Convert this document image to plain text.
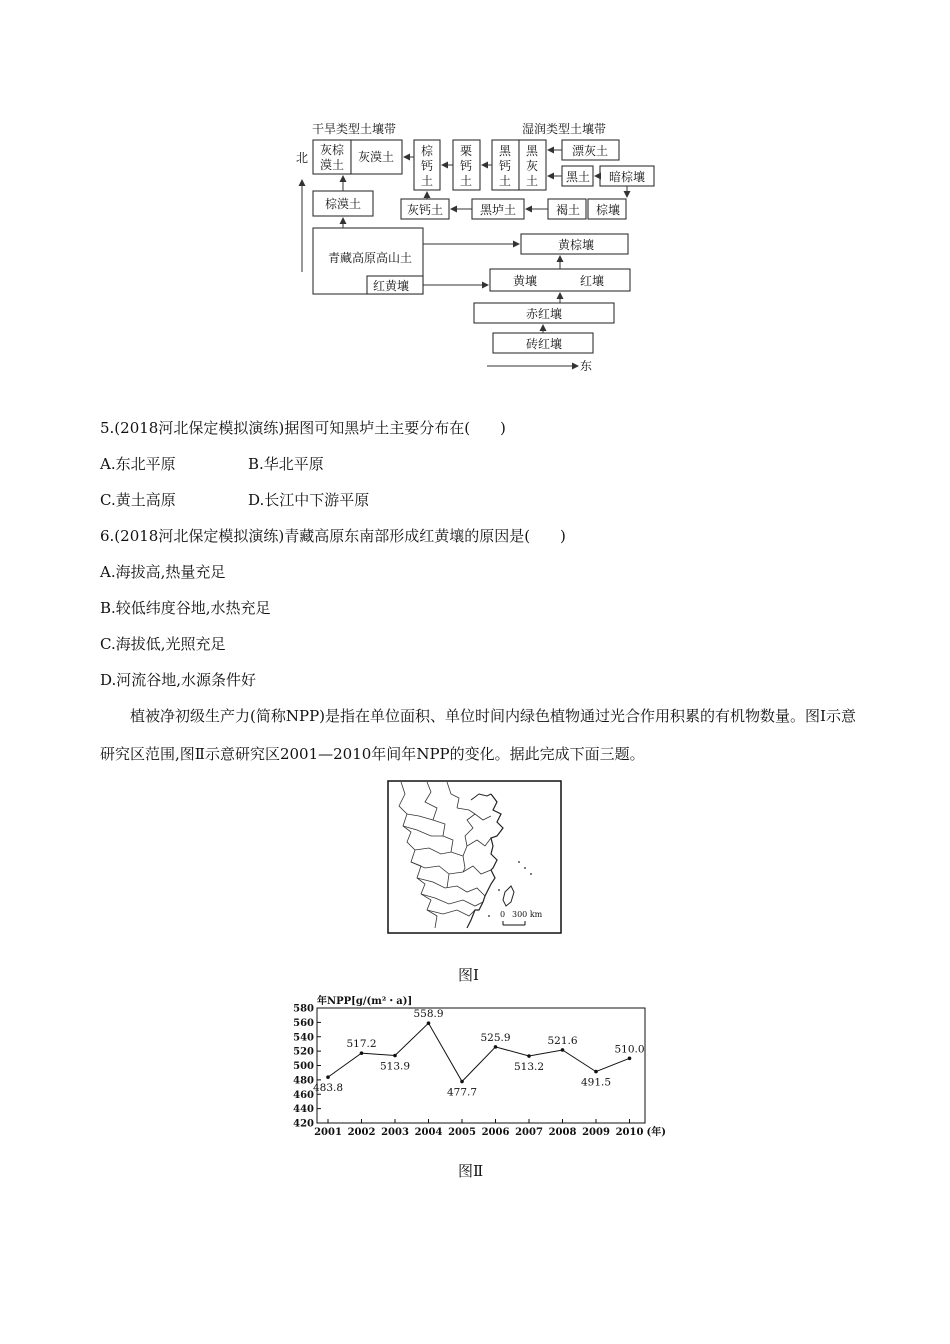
干旱类型土壤带	湿润类型土壤带
北
东
灰棕
漠土
灰漠土 棕
钙
土
栗
钙
土
黑
钙
土
黑
灰
土
漂灰土
黑土 暗棕壤
棕漠土	灰钙土	黑垆土	褐土 棕壤
青藏高原高山土
红黄壤
黄棕壤
黄壤	红壤
赤红壤
砖红壤
5.(2018河北保定模拟演练)据图可知黑垆土主要分布在(　　)
A.东北平原	B.华北平原
C.黄土高原	D.长江中下游平原
6.(2018河北保定模拟演练)青藏高原东南部形成红黄壤的原因是(　　)
A.海拔高,热量充足
B.较低纬度谷地,水热充足
C.海拔低,光照充足
D.河流谷地,水源条件好
植被净初级生产力(简称NPP)是指在单位面积、单位时间内绿色植物通过光合作用积累的有机物数量。图Ⅰ示意研究区范围,图Ⅱ示意研究区2001—2010年间年NPP的变化。据此完成下面三题。
0 300 km
图Ⅰ
年NPP[g/(m²・a)]
420
440
460
480
500
520
540
560
580
2001 2002 2003 2004 2005 2006 2007 2008 2009 2010
483.8
517.2
513.9
558.9
477.7
525.9
513.2
521.6
491.5
510.0
(年)
图Ⅱ
